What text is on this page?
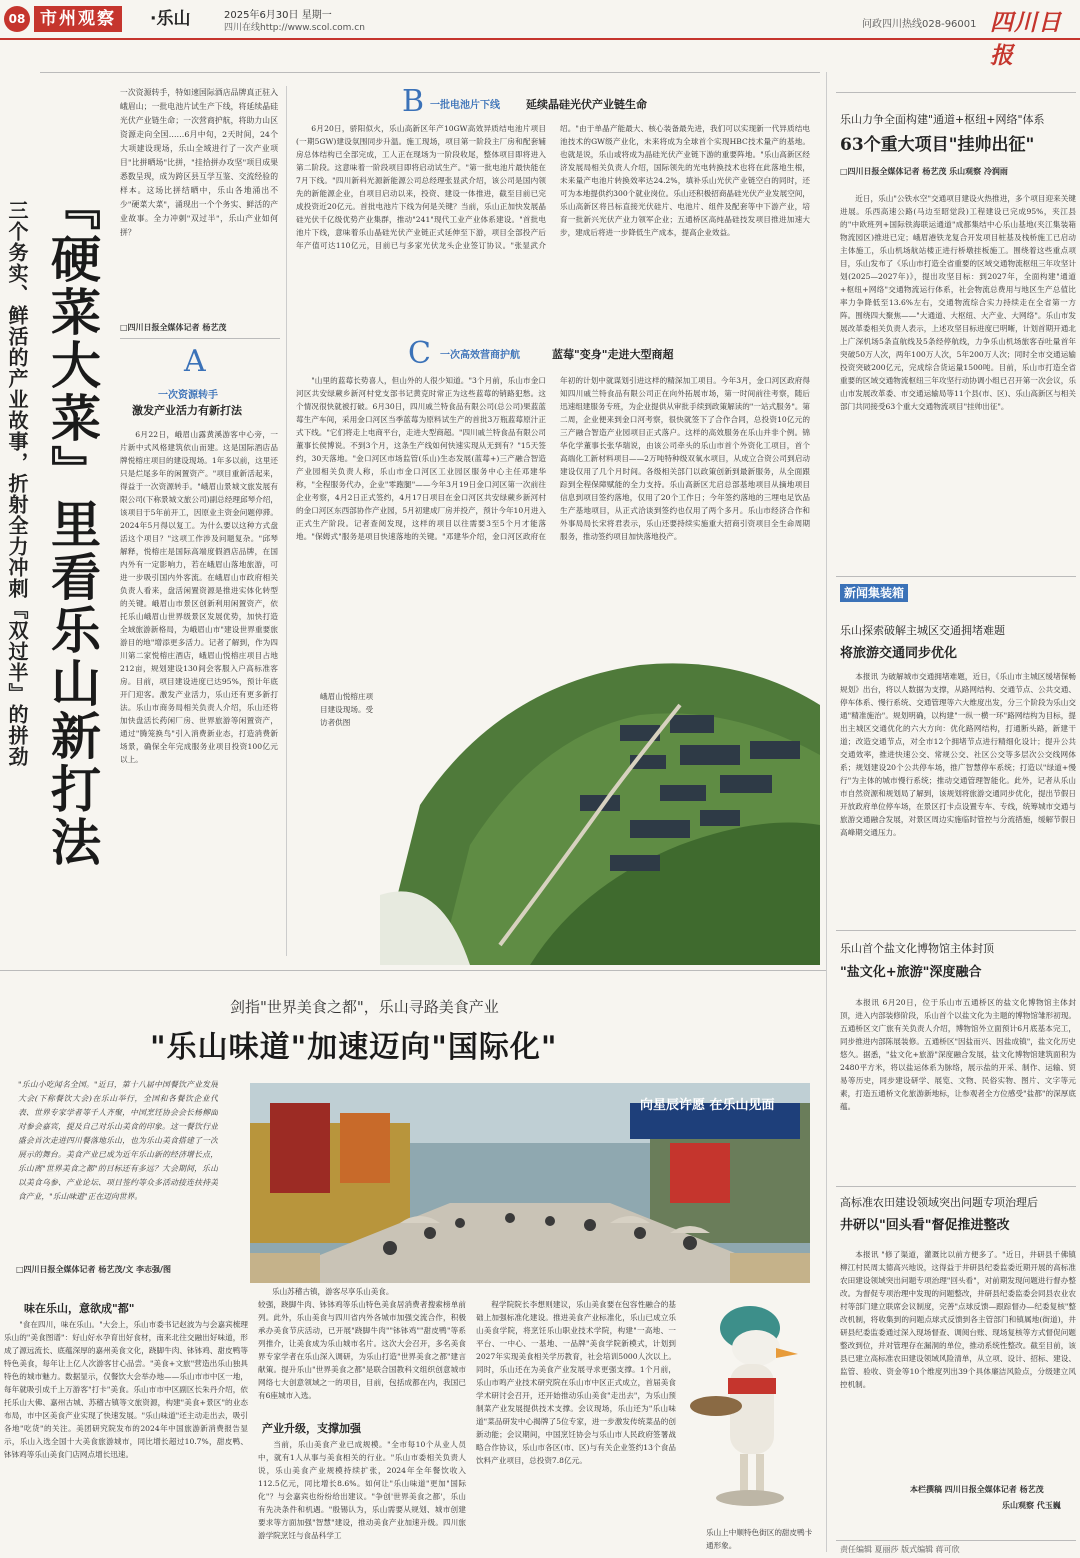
08 市州观察	·乐山	2025年6月30日 星期一
四川在线http://www.scol.com.cn	问政四川热线028-96001 四川日报
『硬菜大菜』里看乐山新打法
三个务实、鲜活的产业故事，折射全力冲刺『双过半』的拼劲
一次资源转手，特如速国际酒店品牌真正驻入峨眉山；一批电池片试生产下线，将延续晶硅光伏产业链生命；一次营商护航，将助力山区资源走向全国……6月中旬，2天时间，24个大项建设现场，乐山全域进行了一次产业项目"比拼晒场"比拼，"挂拾拼办攻坚"项目成果悉数呈现，成为跨区县互学互鉴、交流经验的样本。这场比拼结晒中，乐山各地涌出不少"硬菜大菜"，涌现出一个个务实、鲜活的产业故事。全力冲刺"双过半"，乐山产业如何拼？
□四川日报全媒体记者 杨艺茂
A
一次资源转手
激发产业活力有新打法
6月22日，峨眉山露黄溪游客中心旁，一片新中式风格建筑依山而建。这是国际酒店品牌悦榕庄项目的建设现场。1年多以前，这里还只是烂尾多年的闲置资产。"项目重新活起来，得益于一次资源转手。"峨眉山景城文旅发展有限公司(下称景城文旅公司)副总经理邱琴介绍，该项目于5年前开工，因原业主资金问题停滞。2024年5月得以复工。为什么要以这种方式盘活这个项目？"这项工作涉及问题复杂。"邱琴解释，悦榕庄是国际高端度假酒店品牌，在国内外有一定影响力，若在峨眉山落地旅游，可进一步吸引国内外客流。在峨眉山市政府相关负责人看来，盘活闲置资源是推进实体化转型的关键。峨眉山市景区创新利用闲置资产，依托乐山峨眉山世界级景区发展优势，加快打造全域旅游新格局，为峨眉山市"建设世界重要旅游目的地"增添更多活力。记者了解到，作为四川第二家悦榕庄酒店，峨眉山悦榕庄项目占地212亩，规划建设130间会客服入户高标准客房。目前，项目建设进度已达95%，预计年底开门迎客。激发产业活力，乐山还有更多新打法。乐山市商务局相关负责人介绍，乐山还将加快盘活长药闲厂房、世界旅游等闲置资产，通过"腾笼换鸟"引入消费新业态，打造消费新场景，确保全年完成服务业项目投资100亿元以上。
B 一批电池片下线 延续晶硅光伏产业链生命
6月20日，骄阳似火，乐山高新区年产10GW高效异质结电池片项目(一期5GW)建设氛围同步升温。施工现场，项目第一阶段主厂房和配套辅房总体结构已全部完成，工人正在现场为一阶段收尾，整体项目即将进入第二阶段。这意味着一阶段项目即将启动试生产。"第一批电池片最快能在7月下线。"四川新科光源新能源公司总经理张显武介绍，该公司是国内领先的新能源企业，自项目启动以来，投资、建设一体推进，截至目前已完成投资近20亿元。首批电池片下线为何是关键？当前，乐山正加快发展晶硅光伏千亿级优势产业集群，推动"241"现代工业产业体系建设。"首批电池片下线，意味着乐山晶硅光伏产业链正式延伸至下游，项目全部投产后年产值可达110亿元，目前已与多家光伏龙头企业签订协议。"张显武介绍。"由于单晶产能最大、核心装备最先进，我们可以实现新一代异质结电池技术的GW级产业化，未来将成为全球首个实现HBC技术量产的基地。也就是说，乐山或将成为晶硅光伏产业链下游的重要阵地。"乐山高新区经济发展局相关负责人介绍，国际领先的光电转换技术也将在此落地生根，未来量产电池片转换效率达24.2%，填补乐山光伏产业链空白的同时，还可为本地提供约300个就业岗位。乐山还积极招商晶硅光伏产业发展空间，乐山高新区将吕标直接光伏硅片、电池片、组件及配套等中下游产业，培育一批新兴光伏产业力领军企业；五通桥区高纯晶硅技发项目推进加速大步，建成后将进一步降低生产成本，提高企业效益。
C 一次高效营商护航	蓝莓"变身"走进大型商超
"山里的蓝莓长势喜人，但山外的人很少知道。"3个月前，乐山市金口河区共安绿蕨乡新河村党支部书记黄克时常正为这些蓝莓的销路犯愁。这个情况很快就被打破。6月30日，四川戚兰特食品有限公司(总公司)果蓝蓝莓生产车间，采用金口河区当季蓝莓为原料试生产的首批3万瓶蓝莓原汁正式下线。"它们将走上电商平台，走进大型商超。"四川戚兰特食品有限公司董事长侯博说。不到3个月，这条生产线如何快速实现从无到有？"15天签约，30天落地。"金口河区市场监管(乐山)生态发展(蓝莓+)三产融合智造产业园相关负责人称，乐山市金口河区工业园区服务中心主任邓建华称，"全程服务代办，企业"零跑腿"——今年3月19日金口河区第一次前往企业考察，4月2日正式签约，4月17日项目在金口河区共安绿蕨乡新河村的金口河区东西部协作产业园，5月初建成厂房并投产，预计今年10月进入正式生产阶段。记者查阅发现，这样的项目以往需要3至5个月才能落地。"保姆式"服务是项目快速落地的关键。"邓建华介绍，金口河区政府在年初的计划中就谋划引进这样的精深加工项目。今年3月，金口河区政府得知四川戚兰特食品有限公司正在向外拓展市场，第一时间前往考察，随后迅速组建服务专班，为企业提供从审批手续到政策解读的"一站式服务"。第二周，企业便来到金口河考察，很快就签下了合作合同，总投资10亿元的三产融合智造产业园项目正式落户。这样的高效服务在乐山并非个例。锦华化学董事长张华瑞说，由该公司牵头的乐山市首个外资化工项目，首个高端化工新材料项目——2万吨特种级双氧水项目，从成立合资公司到启动建设仅用了几个月时间。各级相关部门以政策创新到最新服务，从全面跟踪到全程保障赋能的全力支持。乐山高新区尤启总部基地项目从摘地项目信息到项目签约落地，仅用了20个工作日；今年签约落地的三埋电足饮品生产基地项目，从正式洽谈到签约也仅用了两个多月。乐山市经济合作和外事局局长宋将君表示，乐山还要持续实施重大招商引资项目全生命周期服务，推动签约项目加快落地投产。
峨眉山悦榕庄项目建设现场。受访者供图
剑指"世界美食之都"，乐山寻路美食产业
"乐山味道"加速迈向"国际化"
"乐山小吃闻名全国。"近日，第十八届中国餐饮产业发展大会(下称餐饮大会)在乐山举行，全国和各餐饮企业代表、世界专家学者等千人齐聚，中国烹饪协会会长杨柳面对参会嘉宾，提及自己对乐山美食的印象。这一餐饮行业盛会首次走进四川餐落地乐山，也为乐山美食搭建了一次展示的舞台。美食产业已成为近年乐山新的经济增长点，乐山离"世界美食之都"的目标还有多远？大会期间，乐山以美食乌参、产业论坛、项目签约等众多活动接连扶持美食产业，"乐山味道"正在迈向世界。
□四川日报全媒体记者 杨艺茂/文 李志强/图
向星辰许愿 在乐山见面
乐山苏稽古镇，游客尽享乐山美食。
味在乐山，意欲成"都"
"食在四川，味在乐山。"大会上，乐山市委书记赵波为与会嘉宾梳理乐山的"美食图谱"：好山好水孕育出好食材，南来北往交融出好味道，形成了源远流长、底蕴深厚的嘉州美食文化，跷脚牛肉、钵钵鸡、甜皮鸭等特色美食，每年让上亿人次游客甘心品尝。"美食+文旅"营造出乐山独具特色的城市魅力。数据显示，仅餐饮大会举办地——乐山市市中区一地，每年就吸引成千上万游客"打卡"美食。乐山市市中区副区长朱丹介绍，依托乐山大佛、嘉州古城、苏稽古镇等文旅资源，构建"美食+景区"的业态布局，市中区美食产业实现了快速发展。"乐山味道"还主动走出去，吸引各地"吃货"的关注。美团研究院发布的2024年中国旅游新消费报告显示，乐山入选全国十大美食旅游城市，同比增长超过10.7%，甜皮鸭、钵钵鸡等乐山美食门店网点增长迅速。
较强，跷脚牛肉、钵钵鸡等乐山特色美食居消费者搜索榜单前列。此外，乐山美食与四川省内外各城市加强交流合作，积极承办美食节庆活动，已开展"跷脚牛肉""钵钵鸡""甜皮鸭"等系列推介，让美食成为乐山城市名片。这次大会召开，多名美食界专家学者在乐山深入调研，为乐山打造"世界美食之都"建言献策。提升乐山"世界美食之都"是联合国教科文组织创意城市网络七大创意领域之一的项目，目前，包括成都在内，我国已有6座城市入选。
产业升级，支撑加强
当前，乐山美食产业已成规模。"全市每10个从业人员中，就有1人从事与美食相关的行业。"乐山市委相关负责人说，乐山美食产业规模持续扩张，2024年全年餐饮收入112.5亿元，同比增长8.6%。如何让"乐山味道"更加"国际化"？与会嘉宾也纷纷给出建议。"争创'世界美食之都'，乐山有先决条件和机遇。"殷锡认为，乐山需要从规划、城市创建要求等方面加强"智慧"建设，推动美食产业加速升级。四川旅游学院烹饪与食品科学工
程学院院长李想则建议，乐山美食要在包容性融合的基础上加强标准化建设。推进美食产业标准化，乐山已成立乐山美食学院，将烹饪乐山职业技术学院，构建"一高地、一平台、一中心、一基地、一品牌"美食学院新模式，计划到2027年实现美食相关学历教育，社会培训5000人次以上。同时，乐山还在为美食产业发展寻求更强支撑。1个月前，乐山市鸣产业技术研究院在乐山市中区正式成立，首届美食学术研讨会召开，还开始推动乐山美食"走出去"，为乐山预制菜产业发展提供技术支撑。会议现场，乐山还为"乐山味道"菜品研发中心揭牌了5位专家，进一步激发传统菜品的创新动能；会议期间，中国烹饪协会与乐山市人民政府签署战略合作协议，乐山市各区(市、区)与有关企业签约13个食品饮料产业项目，总投资7.8亿元。
乐山上中顺特色街区的甜皮鸭卡通形象。
乐山力争全面构建"通道+枢纽+网络"体系
63个重大项目"挂帅出征"
□四川日报全媒体记者 杨艺茂 乐山观察 冷润雨
近日，乐山"公铁水空"交通项目建设火热推进，多个项目迎来关键进展。乐西高速公路(马边至昭觉段)工程建设已完成95%，夹江县的"中欧班列+国际铁海联运通道"成都集结中心乐山基地(夹江集装箱物流园区)推进已定；峨眉港铁龙复合开发项目桩基及栈桥施工已启动主体施工，乐山机场航站楼正进行桥墩挂板施工。围绕着这些重点项目，乐山发布了《乐山市打造全省重要的区域交通物流枢纽三年攻坚计划(2025—2027年)》，提出攻坚目标：到2027年，全面构建"通道+枢纽+网络"交通物流运行体系，社会物流总费用与地区生产总值比率力争降低至13.6%左右，交通物流综合实力持续走在全省第一方阵。围绕四大聚焦——"大通道、大枢纽、大产业、大网络"。乐山市发展改革委相关负责人表示，上述攻坚目标进度已明晰，计划首期开通北上广深机场5条直航线及5条经停航线，力争乐山机场旅客吞吐量首年突破50万人次，两年100万人次，5年200万人次；同时全市交通运输投资突破200亿元，完成综合货运量1500吨。目前，乐山市打造全省重要的区域交通物流枢纽三年攻坚行动协调小组已召开第一次会议，乐山市发展改革委、市交通运输局等11个县(市、区)、乐山高新区与相关部门共同接受63个重大交通物流项目"挂帅出征"。
新闻集装箱
乐山探索破解主城区交通拥堵难题
将旅游交通同步优化
本报讯 为破解城市交通拥堵难题，近日，《乐山市主城区缓堵保畅规划》出台，将以人数据为支撑，从路网结构、交通节点、公共交通、停车体系、慢行系统、交通管理等六大维度出发，分三个阶段为乐山交通"精准施治"。规划明确，以构建"一纵一横一环"路网结构为目标，提出主城区交通优化的六大方向：优化路网结构，打通断头路，新建干道；改造交通节点，对全市12个拥堵节点进行精细化设计；提升公共交通效率，推进快速公交、常规公交、社区公交等多层次公交线网体系；规划建设20个公共停车场，推广智慧停车系统；打造以"绿道+慢行"为主体的城市慢行系统；推动交通管理智能化。此外，记者从乐山市自然资源和规划局了解到，该规划将旅游交通同步优化，提出节假日开放政府单位停车场，在景区打卡点设置专车、专线，统筹城市交通与旅游交通融合发展，对景区周边实施临时管控与分流措施，缓解节假日高峰期交通压力。
乐山首个盐文化博物馆主体封顶
"盐文化+旅游"深度融合
本报讯 6月20日，位于乐山市五通桥区的盐文化博物馆主体封顶，进入内部装修阶段，乐山首个以盐文化为主题的博物馆雏形初现。五通桥区文广旅有关负责人介绍，博物馆外立面预计6月底基本完工，同步推进内部陈展装修。五通桥区"因盐而兴、因盐成镇"，盐文化历史悠久。据悉，"盐文化+旅游"深度融合发展，盐文化博物馆建筑面积为2480平方米，将以盐运体系为脉络，展示盐的开采、制作、运输、贸易等历史，同步建设研学、展览、文物、民俗实物、图片、文字等元素，打造五通桥文化旅游新地标，让参观者全方位感受"盐都"的深厚底蕴。
高标准农田建设领域突出问题专项治理后
井研以"回头看"督促推进整改
本报讯 "修了渠道，灌溉比以前方便多了。"近日，井研县千佛镇柳江村民周太德高兴地说，这得益于井研县纪委监委近期开展的高标准农田建设领域突出问题专项治理"回头看"，对前期发现问题进行督办整改。为督促专项治理中发现的问题整改，井研县纪委监委会同县农业农村等部门建立联席会议制度，完善"点球反馈—跟踪督办—纪委复核"整改机制，将收集到的问题点球式反馈到各主管部门和镇属地(街道)，井研县纪委监委通过深入现场督查、调阅台账、现场复核等方式督促问题整改到位，并对管理存在漏洞的单位，推动系统性整改。截至目前，该县已建立高标准农田建设领域风险清单，从立项、设计、招标、建设、监管、验收、资金等10个维度列出39个具体廉洁风险点，分级建立风控机制。
本栏撰稿 四川日报全媒体记者 杨艺茂
乐山观察 代玉巍
责任编辑 夏丽莎 版式编辑 蒋可欣
